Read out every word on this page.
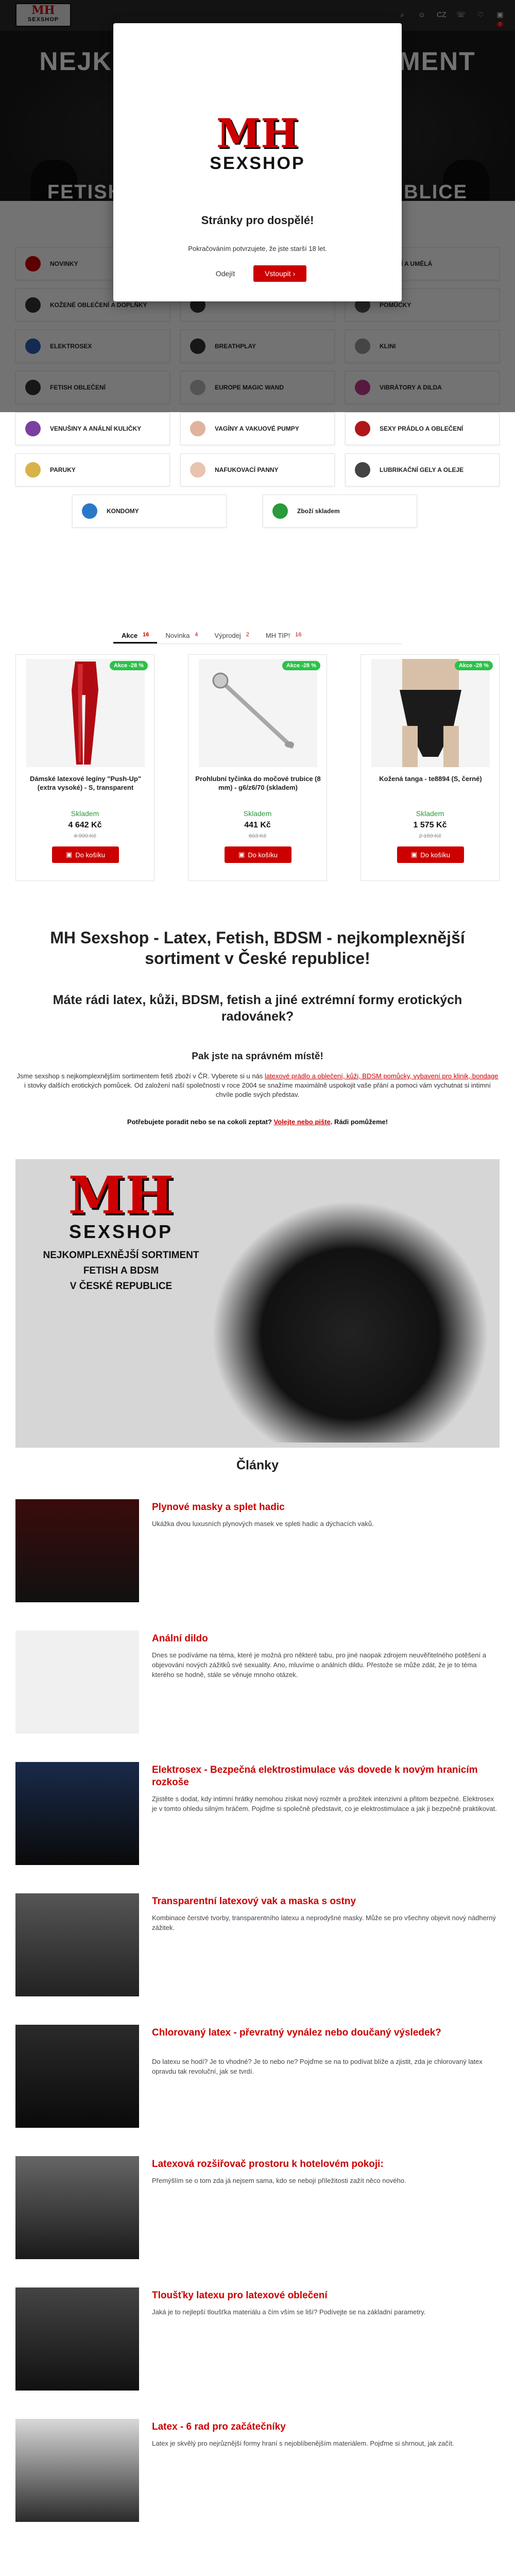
VENUŠINY A ANÁLNÍ KULIČKY	VAGÍNY A VAKUOVÉ PUMPY	SEXY PRÁDLO A OBLEČENÍ
PARUKY	NAFUKOVACÍ PANNY	LUBRIKAČNÍ GELY A OLEJE
KONDOMY	Zboží skladem
MH
SEXSHOP
Stránky pro dospělé!
Pokračováním potvrzujete, že jste starší 18 let.
Odejít	Vstoupit ›
Akce 16 Novinka 4 Výprodej 2 MH TIP! 16
Akce -28 %
Dámské latexové legíny "Push-Up" (extra vysoké) - S, transparent
Skladem
4 642 Kč
4 999 Kč
▣ Do košíku
Akce -28 %
Prohlubní tyčinka do močové trubice (8 mm) - g6/z6/70 (skladem)
Skladem
441 Kč
603 Kč
▣ Do košíku
Akce -28 %
Kožená tanga - te8894 (S, černé)
Skladem
1 575 Kč
2 159 Kč
▣ Do košíku
MH Sexshop - Latex, Fetish, BDSM - nejkomplexnější sortiment v České republice!
Máte rádi latex, kůži, BDSM, fetish a jiné extrémní formy erotických radovánek?
Pak jste na správném místě!
Jsme sexshop s nejkomplexnějším sortimentem fetiš zboží v ČR. Vyberete si u nás latexové prádlo a oblečení, kůži, BDSM pomůcky, vybavení pro klinik, bondage i stovky dalších erotických pomůcek. Od založení naší společnosti v roce 2004 se snažíme maximálně uspokojit vaše přání a pomoci vám vychutnat si intimní chvíle podle svých představ.
Potřebujete poradit nebo se na cokoli zeptat? Volejte nebo pište. Rádi pomůžeme!
MH
SEXSHOP
NEJKOMPLEXNĚJŠÍ SORTIMENT
FETISH A BDSM
V ČESKÉ REPUBLICE
Články
Plynové masky a splet hadic
Ukážka dvou luxusních plynových masek ve spleti hadic a dýchacích vaků.
Anální dildo
Dnes se podíváme na téma, které je možná pro některé tabu, pro jiné naopak zdrojem neuvěřitelného potěšení a objevování nových zážitků své sexuality. Ano, mluvíme o análních dildu. Přestože se může zdát, že je to téma kterého se hodně, stále se věnuje mnoho otázek.
Elektrosex - Bezpečná elektrostimulace vás dovede k novým hranicím rozkoše
Zjistěte s dodat, kdy intimní hrátky nemohou získat nový rozměr a prožitek intenzivní a přitom bezpečné. Elektrosex je v tomto ohledu silným hráčem. Pojďme si společně představit, co je elektrostimulace a jak ji bezpečně praktikovat.
Transparentní latexový vak a maska s ostny
Kombinace čerstvé tvorby, transparentního latexu a neprodyšné masky. Může se pro všechny objevit nový nádherný zážitek.
Chlorovaný latex - převratný vynález nebo doučaný výsledek?
Do latexu se hodí? Je to vhodné? Je to nebo ne? Pojďme se na to podívat blíže a zjistit, zda je chlorovaný latex opravdu tak revoluční, jak se tvrdí.
Latexová rozšiřovač prostoru k hotelovém pokoji:
Přemýšlím se o tom zda já nejsem sama, kdo se nebojí příležitosti zažít něco nového.
Tloušťky latexu pro latexové oblečení
Jaká je to nejlepší tloušťka materiálu a čím vším se liší? Podívejte se na základní parametry.
Latex - 6 rad pro začátečníky
Latex je skvělý pro nejrůznější formy hraní s nejoblíbenějším materiálem. Pojďme si shrnout, jak začít.
